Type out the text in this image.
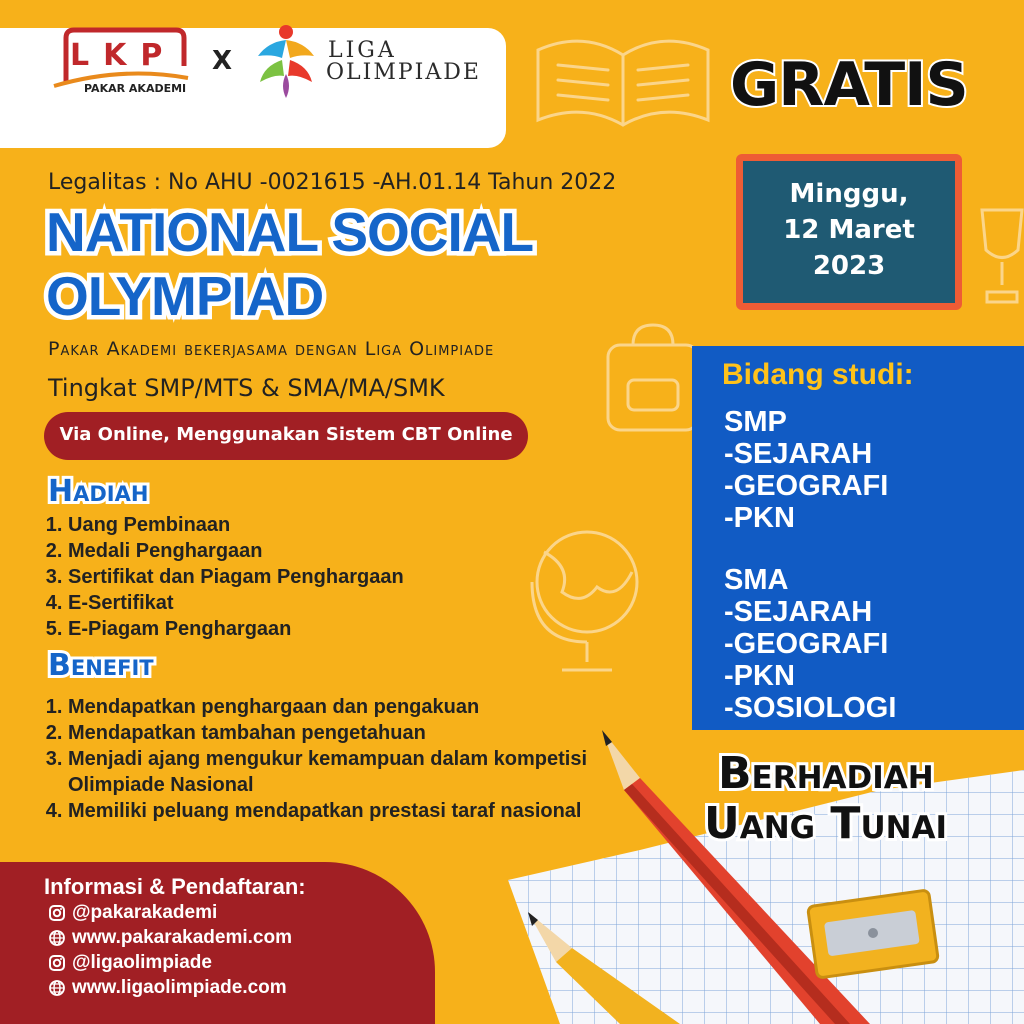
LKP
PAKAR AKADEMI
X	LIGA
OLIMPIADE	GRATIS
Minggu,
12 Maret
2023
Legalitas : No AHU -0021615 -AH.01.14 Tahun 2022
NATIONAL SOCIAL
OLYMPIAD
Pakar Akademi bekerjasama dengan Liga Olimpiade
Tingkat SMP/MTS & SMA/MA/SMK
Via Online, Menggunakan Sistem CBT Online
Hadiah
1. Uang Pembinaan
2. Medali Penghargaan
3. Sertifikat dan Piagam Penghargaan
4. E-Sertifikat
5. E-Piagam Penghargaan
Benefit
1. Mendapatkan penghargaan dan pengakuan
2. Mendapatkan tambahan pengetahuan
3. Menjadi ajang mengukur kemampuan dalam kompetisi Olimpiade Nasional
4. Memiliki peluang mendapatkan prestasi taraf nasional
Bidang studi:
SMP
-SEJARAH
-GEOGRAFI
-PKN
SMA
-SEJARAH
-GEOGRAFI
-PKN
-SOSIOLOGI
Berhadiah
Uang Tunai
Informasi & Pendaftaran:
@pakarakademi
www.pakarakademi.com
@ligaolimpiade
www.ligaolimpiade.com
